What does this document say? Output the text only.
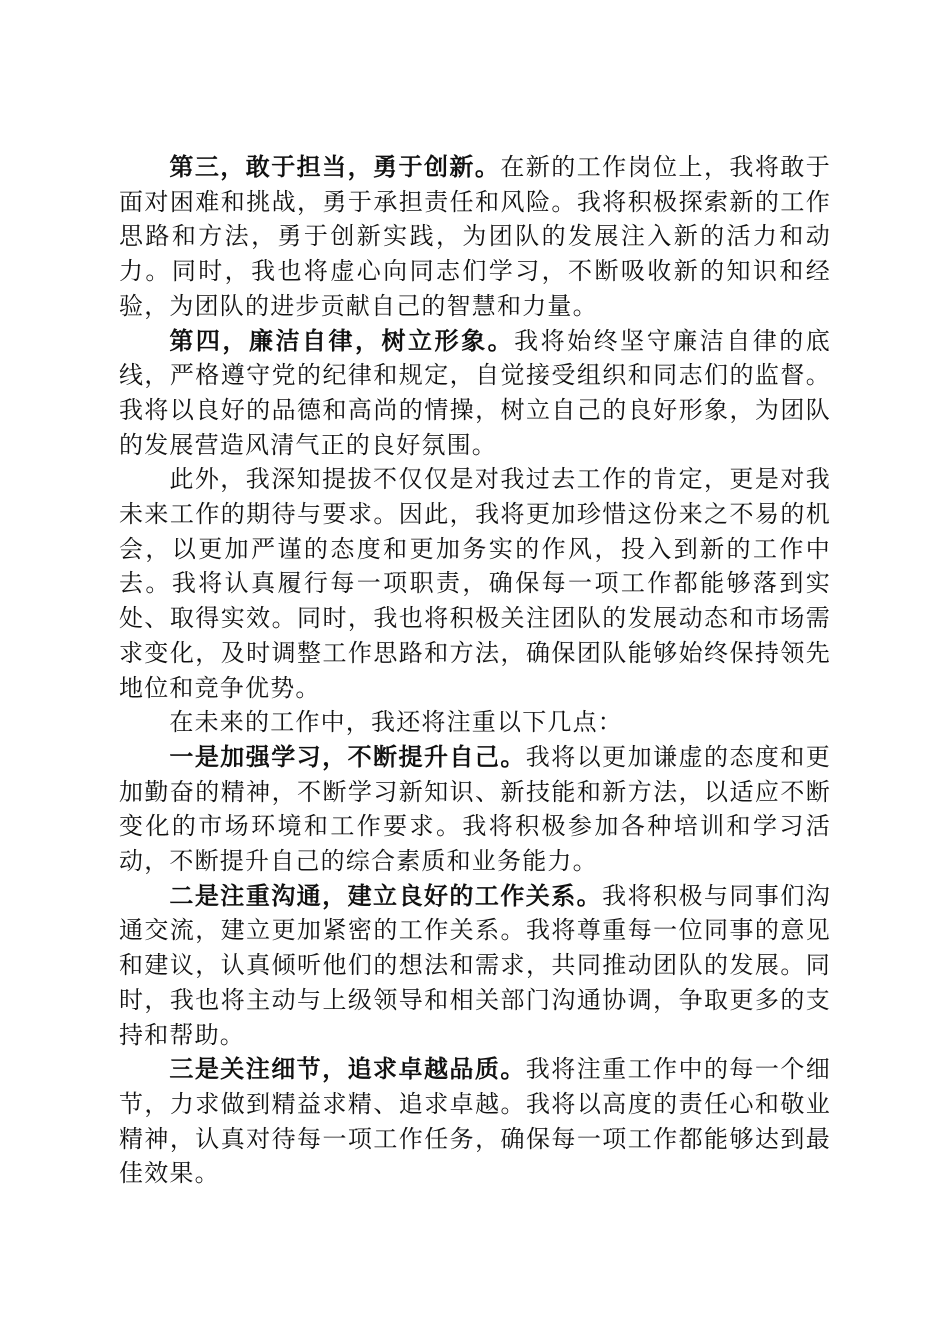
第三，敢于担当，勇于创新。在新的工作岗位上，我将敢于面对困难和挑战，勇于承担责任和风险。我将积极探索新的工作思路和方法，勇于创新实践，为团队的发展注入新的活力和动力。同时，我也将虚心向同志们学习，不断吸收新的知识和经验，为团队的进步贡献自己的智慧和力量。

第四，廉洁自律，树立形象。我将始终坚守廉洁自律的底线，严格遵守党的纪律和规定，自觉接受组织和同志们的监督。我将以良好的品德和高尚的情操，树立自己的良好形象，为团队的发展营造风清气正的良好氛围。

此外，我深知提拔不仅仅是对我过去工作的肯定，更是对我未来工作的期待与要求。因此，我将更加珍惜这份来之不易的机会，以更加严谨的态度和更加务实的作风，投入到新的工作中去。我将认真履行每一项职责，确保每一项工作都能够落到实处、取得实效。同时，我也将积极关注团队的发展动态和市场需求变化，及时调整工作思路和方法，确保团队能够始终保持领先地位和竞争优势。

在未来的工作中，我还将注重以下几点：

一是加强学习，不断提升自己。我将以更加谦虚的态度和更加勤奋的精神，不断学习新知识、新技能和新方法，以适应不断变化的市场环境和工作要求。我将积极参加各种培训和学习活动，不断提升自己的综合素质和业务能力。

二是注重沟通，建立良好的工作关系。我将积极与同事们沟通交流，建立更加紧密的工作关系。我将尊重每一位同事的意见和建议，认真倾听他们的想法和需求，共同推动团队的发展。同时，我也将主动与上级领导和相关部门沟通协调，争取更多的支持和帮助。

三是关注细节，追求卓越品质。我将注重工作中的每一个细节，力求做到精益求精、追求卓越。我将以高度的责任心和敬业精神，认真对待每一项工作任务，确保每一项工作都能够达到最佳效果。
